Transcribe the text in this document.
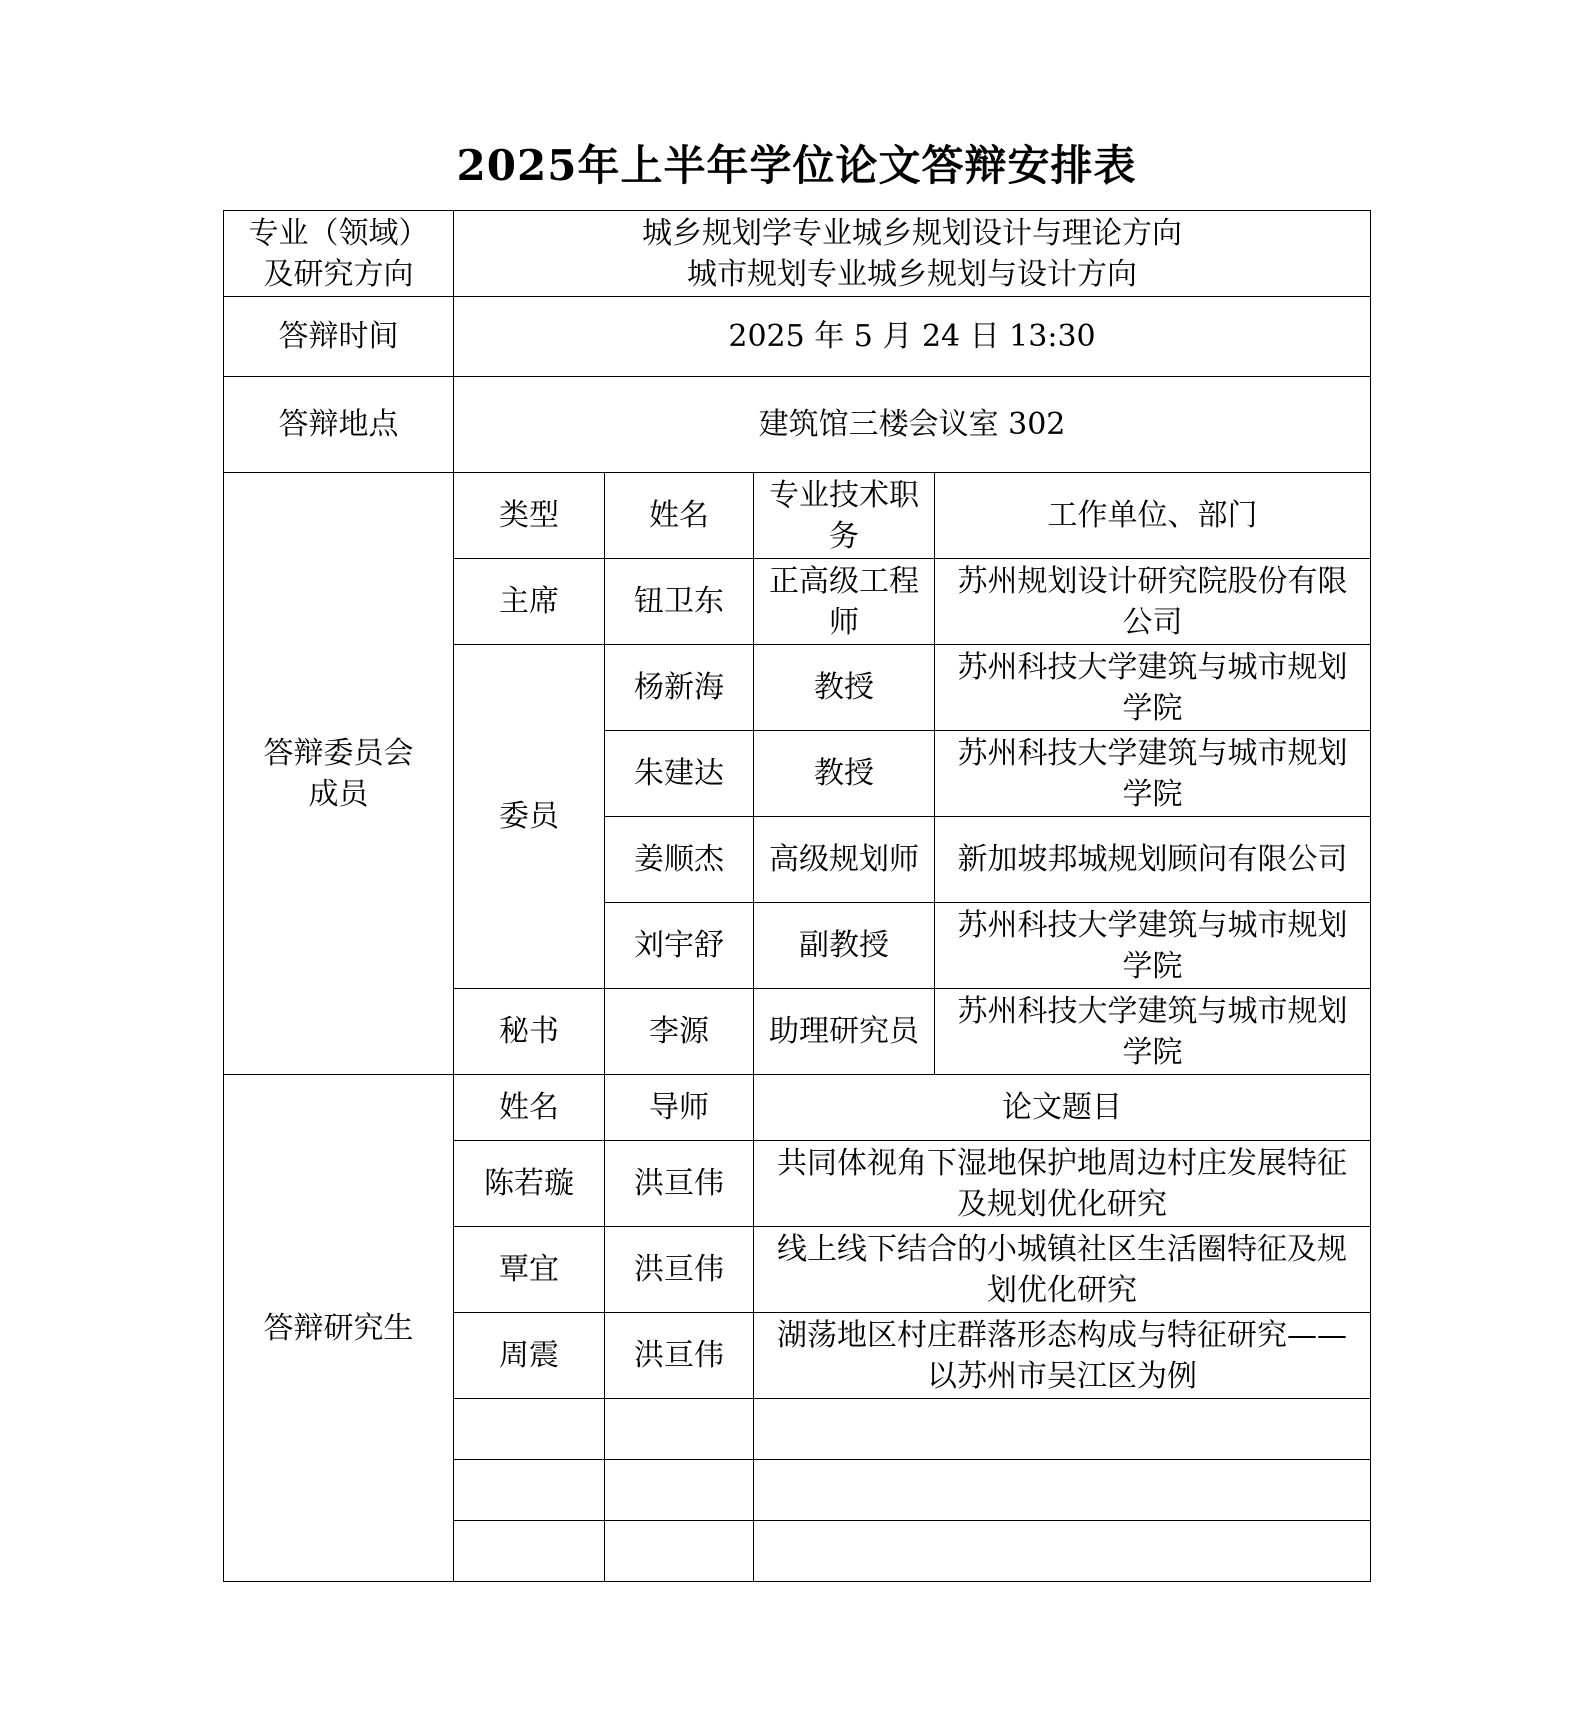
2025年上半年学位论文答辩安排表
专业（领域）
及研究方向	城乡规划学专业城乡规划设计与理论方向
城市规划专业城乡规划与设计方向			

答辩时间	2025 年 5 月 24 日 13:30			
答辩地点	建筑馆三楼会议室 302			
答辩委员会成员	类型	姓名	专业技术职务	工作单位、部门
	主席	钮卫东	正高级工程师	苏州规划设计研究院股份有限公司
	委员	杨新海	教授	苏州科技大学建筑与城市规划学院
		朱建达	教授	苏州科技大学建筑与城市规划学院
		姜顺杰	高级规划师	新加坡邦城规划顾问有限公司
		刘宇舒	副教授	苏州科技大学建筑与城市规划学院
	秘书	李源	助理研究员	苏州科技大学建筑与城市规划学院
答辩研究生	姓名	导师	论文题目	
	陈若璇	洪亘伟	共同体视角下湿地保护地周边村庄发展特征及规划优化研究	
	覃宜	洪亘伟	线上线下结合的小城镇社区生活圈特征及规划优化研究	
	周震	洪亘伟	湖荡地区村庄群落形态构成与特征研究——以苏州市吴江区为例	
